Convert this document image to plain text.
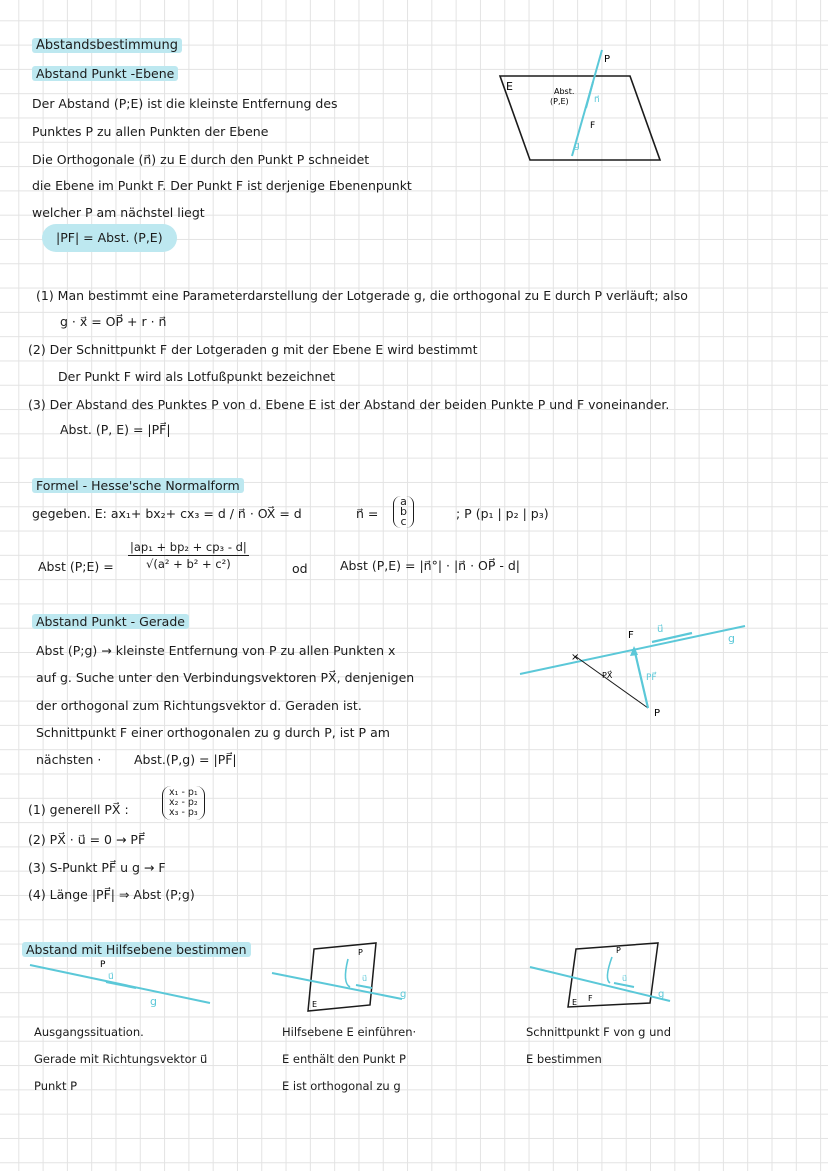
Abstandsbestimmung
Abstand Punkt -Ebene
Der Abstand (P;E) ist die kleinste Entfernung des
Punktes P zu allen Punkten der Ebene
Die Orthogonale (n⃗) zu E durch den Punkt P schneidet
die Ebene im Punkt F. Der Punkt F ist derjenige Ebenenpunkt
welcher P am nächstel liegt
|PF| = Abst. (P,E)
E
P
Abst.
(P,E)	n⃗
F
g
(1) Man bestimmt eine Parameterdarstellung der Lotgerade g, die orthogonal zu E durch P verläuft; also
g · x⃗ = OP⃗ + r · n⃗
(2) Der Schnittpunkt F der Lotgeraden g mit der Ebene E wird bestimmt
Der Punkt F wird als Lotfußpunkt bezeichnet
(3) Der Abstand des Punktes P von d. Ebene E ist der Abstand der beiden Punkte P und F voneinander.
Abst. (P, E) = |PF⃗|
Formel - Hesse'sche Normalform
gegeben. E: ax₁+ bx₂+ cx₃ = d / n⃗ · OX⃗ = d	n⃗ =
a
b
c
; P (p₁ | p₂ | p₃)
Abst (P;E) = $\frac{\text{|ap₁ + bp₂ + cp₃ - d|}}{\text{√(a² + b² + c²)}}$	od	Abst (P,E) = |n⃗°| · |n⃗ · OP⃗ - d|
Abstand Punkt - Gerade
Abst (P;g) → kleinste Entfernung von P zu allen Punkten x
auf g. Suche unter den Verbindungsvektoren PX⃗, denjenigen
der orthogonal zum Richtungsvektor d. Geraden ist.
Schnittpunkt F einer orthogonalen zu g durch P, ist P am
nächsten ·	Abst.(P,g) = |PF⃗|
F
u⃗
g
×
PX⃗	PF⃗
P
(1) generell PX⃗ :
x₁ - p₁
x₂ - p₂
x₃ - p₃
(2) PX⃗ · u⃗ = 0 → PF⃗
(3) S-Punkt PF⃗ u g → F
(4) Länge |PF⃗| ⇒ Abst (P;g)
Abstand mit Hilfsebene bestimmen
P
u⃗
g
P
u⃗
g
E
P
u⃗
g
E F
Ausgangssituation.
Gerade mit Richtungsvektor u⃗
Punkt P
Hilfsebene E einführen·
E enthält den Punkt P
E ist orthogonal zu g
Schnittpunkt F von g und
E bestimmen
